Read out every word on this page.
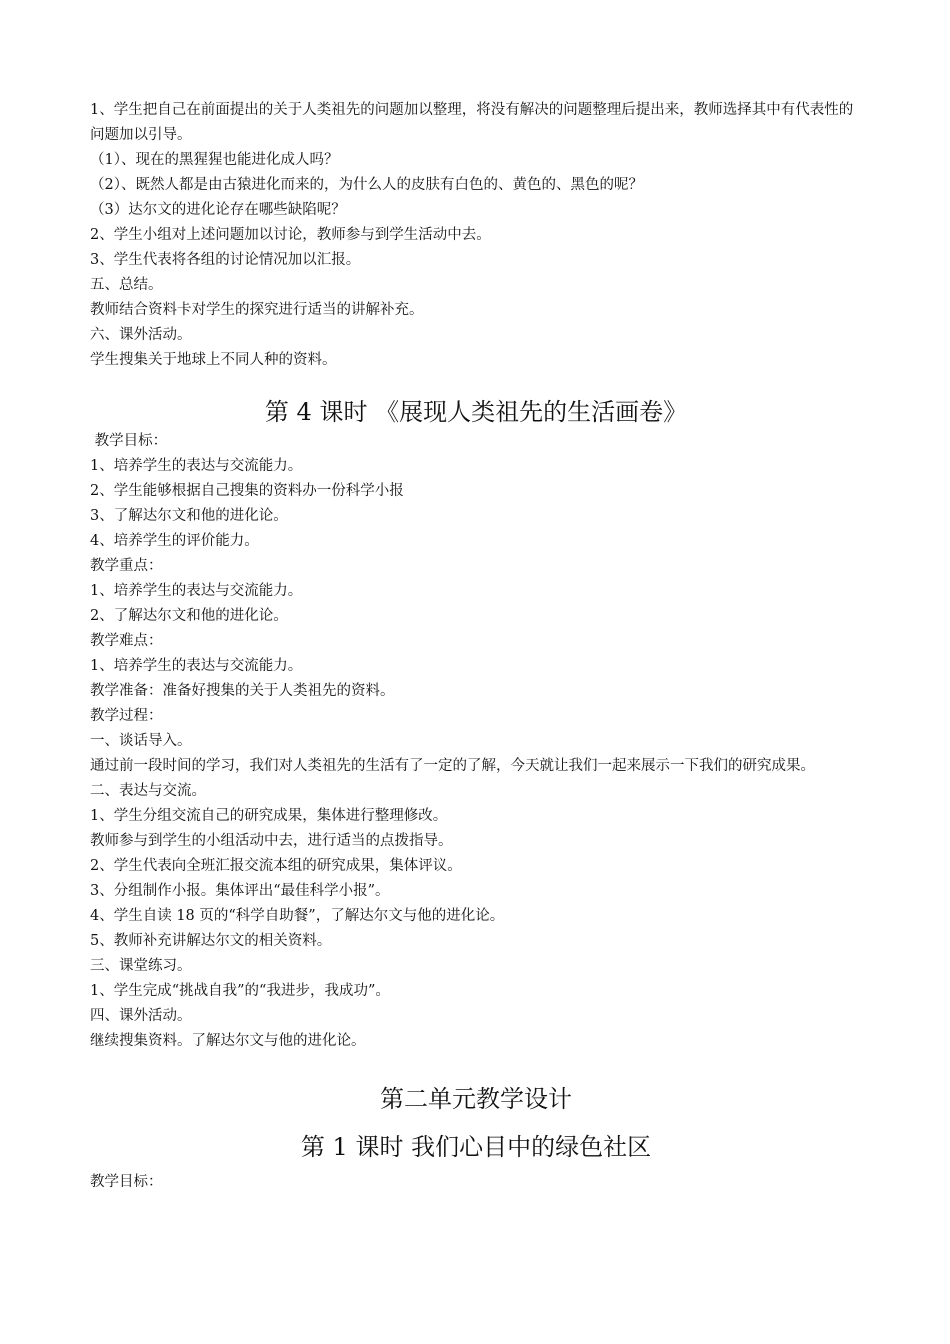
1、学生把自己在前面提出的关于人类祖先的问题加以整理，将没有解决的问题整理后提出来，教师选择其中有代表性的问题加以引导。
（1）、现在的黑猩猩也能进化成人吗？
（2）、既然人都是由古猿进化而来的，为什么人的皮肤有白色的、黄色的、黑色的呢？
（3）达尔文的进化论存在哪些缺陷呢？
2、学生小组对上述问题加以讨论，教师参与到学生活动中去。
3、学生代表将各组的讨论情况加以汇报。
五、总结。
教师结合资料卡对学生的探究进行适当的讲解补充。
六、课外活动。
学生搜集关于地球上不同人种的资料。
第 4 课时 《展现人类祖先的生活画卷》
教学目标：
1、培养学生的表达与交流能力。
2、学生能够根据自己搜集的资料办一份科学小报
3、了解达尔文和他的进化论。
4、培养学生的评价能力。
教学重点：
1、培养学生的表达与交流能力。
2、了解达尔文和他的进化论。
教学难点：
1、培养学生的表达与交流能力。
教学准备：准备好搜集的关于人类祖先的资料。
教学过程：
一、谈话导入。
通过前一段时间的学习，我们对人类祖先的生活有了一定的了解，今天就让我们一起来展示一下我们的研究成果。
二、表达与交流。
1、学生分组交流自己的研究成果，集体进行整理修改。
教师参与到学生的小组活动中去，进行适当的点拨指导。
2、学生代表向全班汇报交流本组的研究成果，集体评议。
3、分组制作小报。集体评出“最佳科学小报”。
4、学生自读 18 页的“科学自助餐”，了解达尔文与他的进化论。
5、教师补充讲解达尔文的相关资料。
三、课堂练习。
1、学生完成“挑战自我”的“我进步，我成功”。
四、课外活动。
继续搜集资料。了解达尔文与他的进化论。
第二单元教学设计
第 1 课时 我们心目中的绿色社区
教学目标：
